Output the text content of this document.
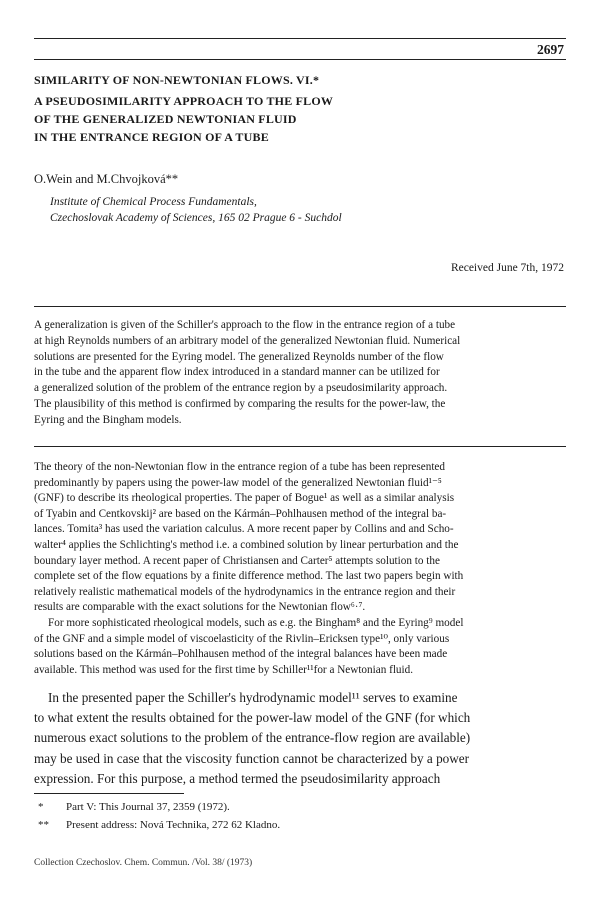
2697
SIMILARITY OF NON-NEWTONIAN FLOWS. VI.*
A PSEUDOSIMILARITY APPROACH TO THE FLOW
OF THE GENERALIZED NEWTONIAN FLUID
IN THE ENTRANCE REGION OF A TUBE
O.Wein and M.Chvojková**
Institute of Chemical Process Fundamentals,
Czechoslovak Academy of Sciences, 165 02 Prague 6 - Suchdol
Received June 7th, 1972
A generalization is given of the Schiller's approach to the flow in the entrance region of a tube
at high Reynolds numbers of an arbitrary model of the generalized Newtonian fluid. Numerical
solutions are presented for the Eyring model. The generalized Reynolds number of the flow
in the tube and the apparent flow index introduced in a standard manner can be utilized for
a generalized solution of the problem of the entrance region by a pseudosimilarity approach.
The plausibility of this method is confirmed by comparing the results for the power-law, the
Eyring and the Bingham models.
The theory of the non-Newtonian flow in the entrance region of a tube has been represented
predominantly by papers using the power-law model of the generalized Newtonian fluid¹⁻⁵
(GNF) to describe its rheological properties. The paper of Bogue¹ as well as a similar analysis
of Tyabin and Centkovskij² are based on the Kármán–Pohlhausen method of the integral ba-
lances. Tomita³ has used the variation calculus. A more recent paper by Collins and and Scho-
walter⁴ applies the Schlichting's method i.e. a combined solution by linear perturbation and the
boundary layer method. A recent paper of Christiansen and Carter⁵ attempts solution to the
complete set of the flow equations by a finite difference method. The last two papers begin with
relatively realistic mathematical models of the hydrodynamics in the entrance region and their
results are comparable with the exact solutions for the Newtonian flow⁶·⁷.
For more sophisticated rheological models, such as e.g. the Bingham⁸ and the Eyring⁹ model
of the GNF and a simple model of viscoelasticity of the Rivlin–Ericksen type¹⁰, only various
solutions based on the Kármán–Pohlhausen method of the integral balances have been made
available. This method was used for the first time by Schiller¹¹for a Newtonian fluid.
In the presented paper the Schiller's hydrodynamic model¹¹ serves to examine
to what extent the results obtained for the power-law model of the GNF (for which
numerous exact solutions to the problem of the entrance-flow region are available)
may be used in case that the viscosity function cannot be characterized by a power
expression. For this purpose, a method termed the pseudosimilarity approach
* Part V: This Journal 37, 2359 (1972).
** Present address: Nová Technika, 272 62 Kladno.
Collection Czechoslov. Chem. Commun. /Vol. 38/ (1973)
